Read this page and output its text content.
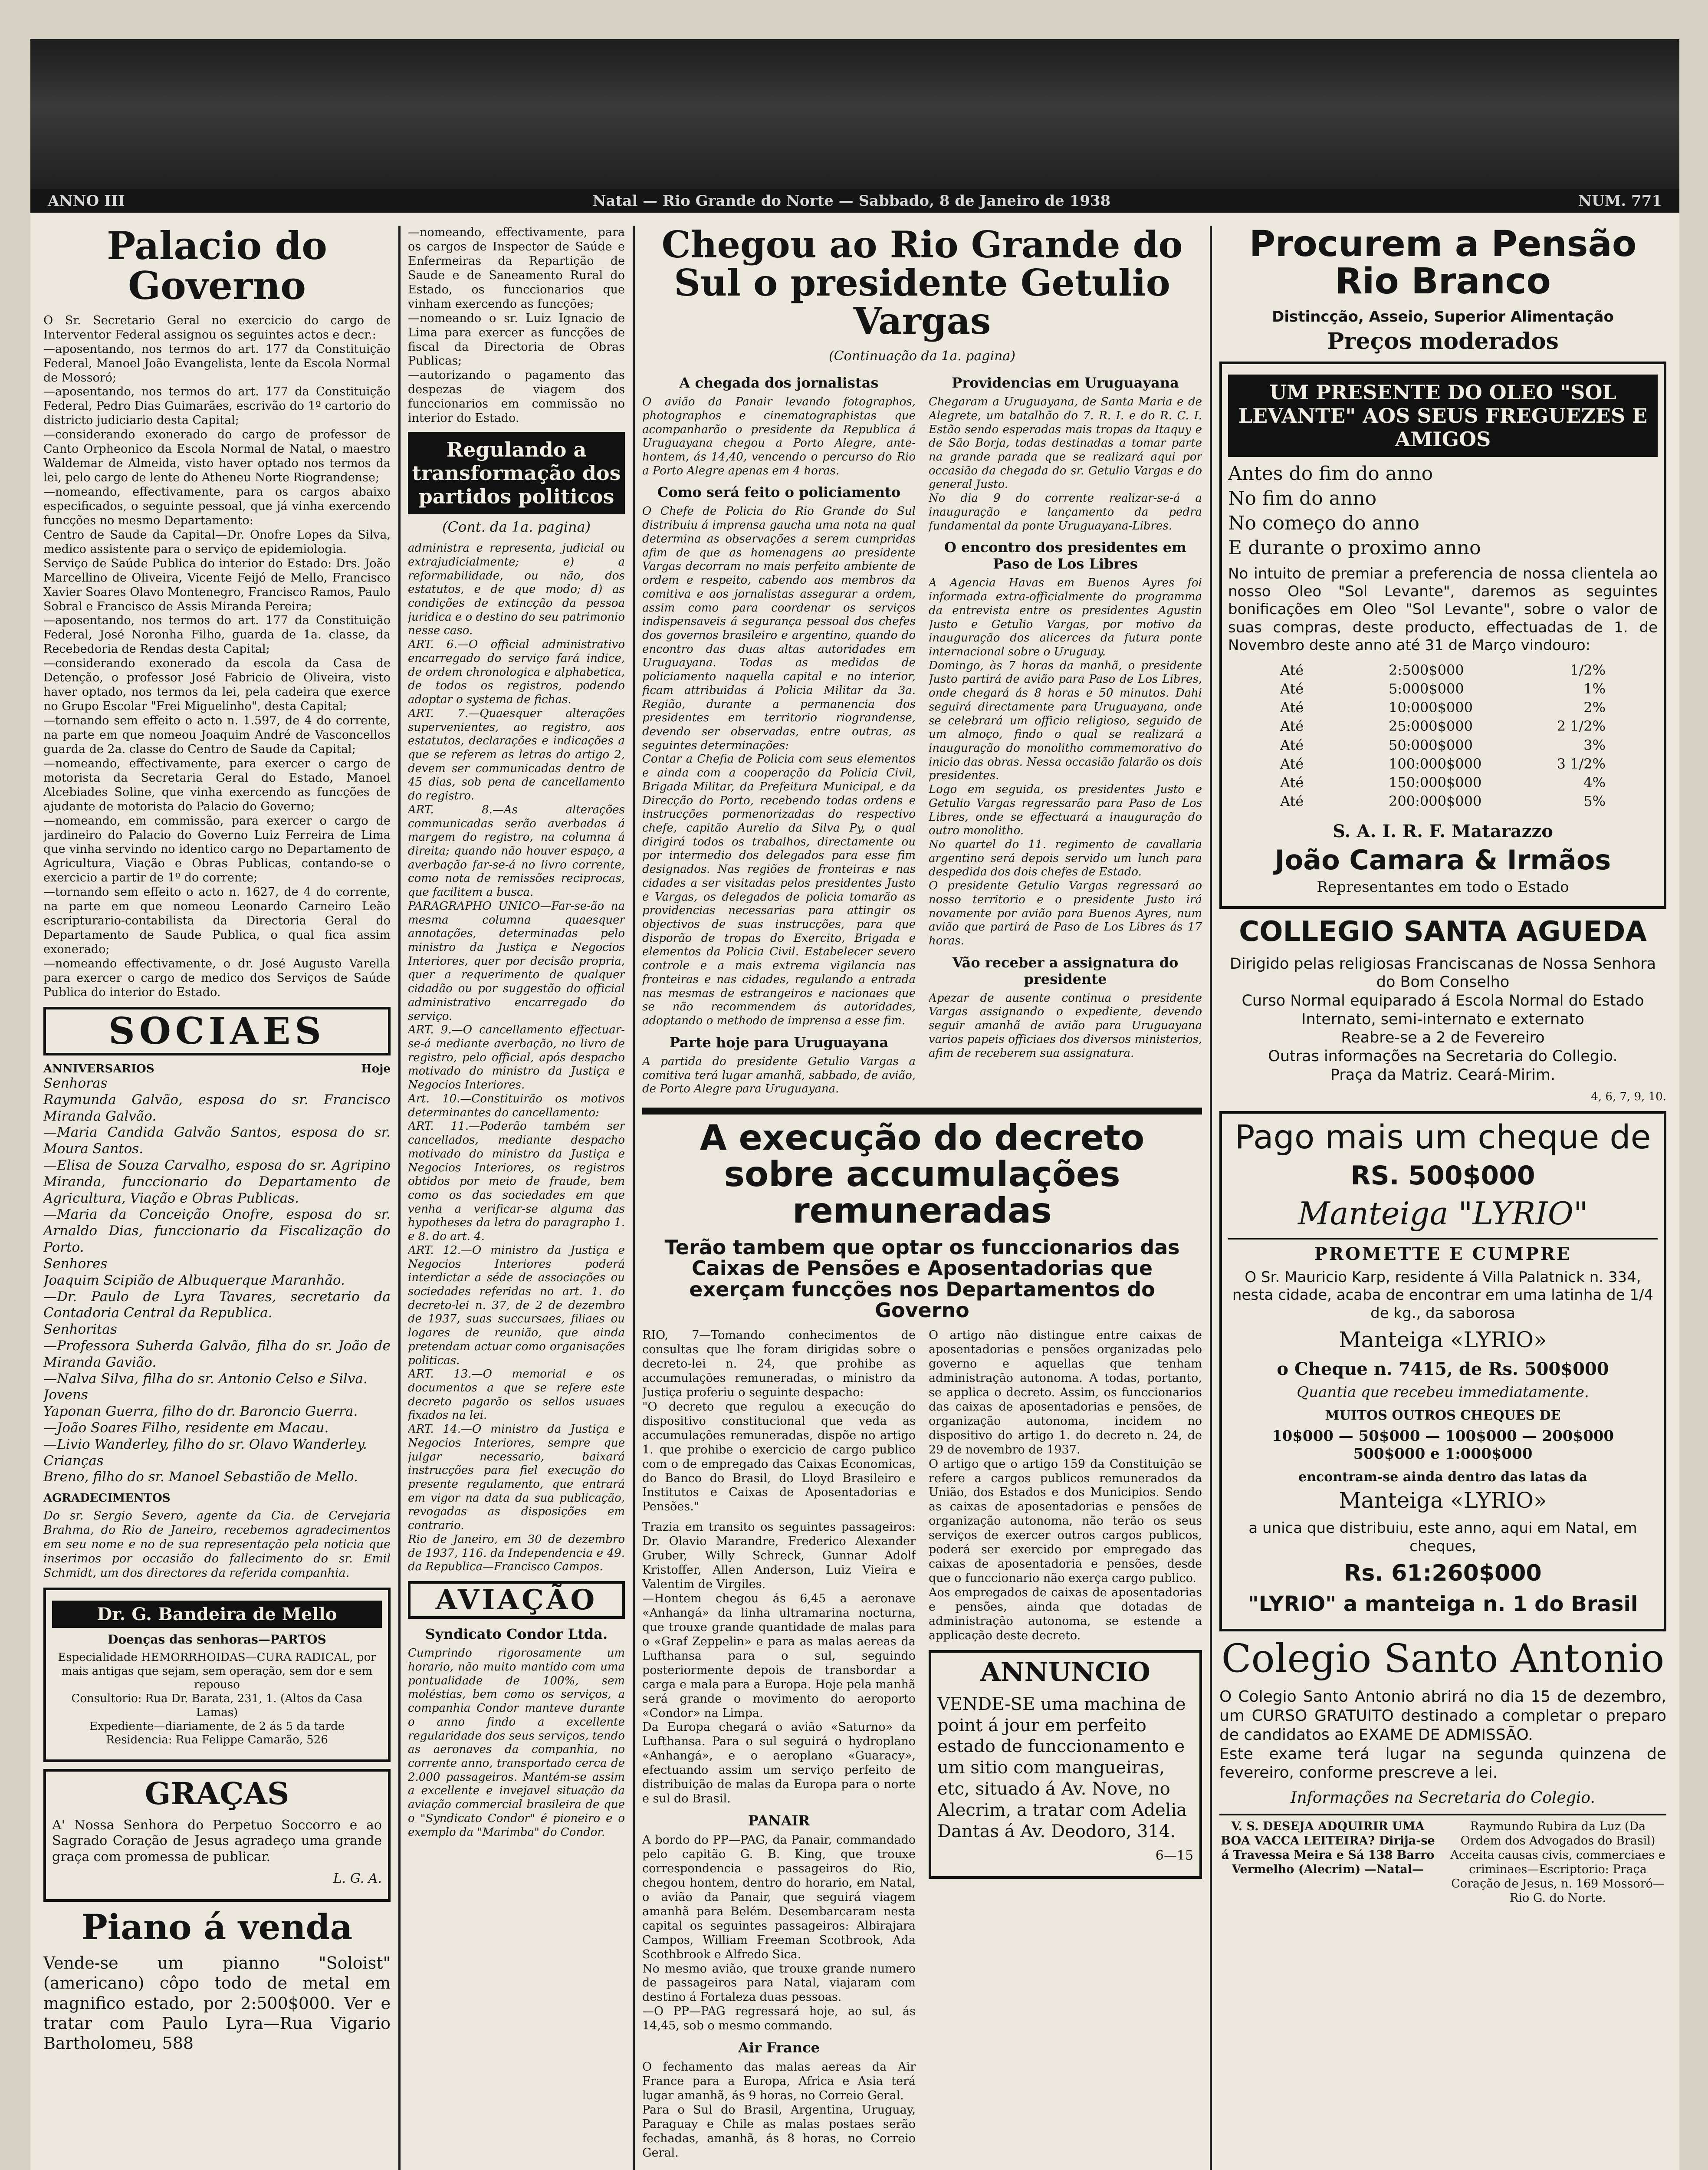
ANNO III	Natal — Rio Grande do Norte — Sabbado, 8 de Janeiro de 1938	NUM. 771
Palacio do Governo
O Sr. Secretario Geral no exercicio do cargo de Interventor Federal assignou os seguintes actos e decr.:
—aposentando, nos termos do art. 177 da Constituição Federal, Manoel João Evangelista, lente da Escola Normal de Mossoró;
—aposentando, nos termos do art. 177 da Constituição Federal, Pedro Dias Guimarães, escrivão do 1º cartorio do districto judiciario desta Capital;
—considerando exonerado do cargo de professor de Canto Orpheonico da Escola Normal de Natal, o maestro Waldemar de Almeida, visto haver optado nos termos da lei, pelo cargo de lente do Atheneu Norte Riograndense;
—nomeando, effectivamente, para os cargos abaixo especificados, o seguinte pessoal, que já vinha exercendo funcções no mesmo Departamento:
Centro de Saude da Capital—Dr. Onofre Lopes da Silva, medico assistente para o serviço de epidemiologia.
Serviço de Saúde Publica do interior do Estado: Drs. João Marcellino de Oliveira, Vicente Feijó de Mello, Francisco Xavier Soares Olavo Montenegro, Francisco Ramos, Paulo Sobral e Francisco de Assis Miranda Pereira;
—aposentando, nos termos do art. 177 da Constituição Federal, José Noronha Filho, guarda de 1a. classe, da Recebedoria de Rendas desta Capital;
—considerando exonerado da escola da Casa de Detenção, o professor José Fabricio de Oliveira, visto haver optado, nos termos da lei, pela cadeira que exerce no Grupo Escolar "Frei Miguelinho", desta Capital;
—tornando sem effeito o acto n. 1.597, de 4 do corrente, na parte em que nomeou Joaquim André de Vasconcellos guarda de 2a. classe do Centro de Saude da Capital;
—nomeando, effectivamente, para exercer o cargo de motorista da Secretaria Geral do Estado, Manoel Alcebiades Soline, que vinha exercendo as funcções de ajudante de motorista do Palacio do Governo;
—nomeando, em commissão, para exercer o cargo de jardineiro do Palacio do Governo Luiz Ferreira de Lima que vinha servindo no identico cargo no Departamento de Agricultura, Viação e Obras Publicas, contando-se o exercicio a partir de 1º do corrente;
—tornando sem effeito o acto n. 1627, de 4 do corrente, na parte em que nomeou Leonardo Carneiro Leão escripturario-contabilista da Directoria Geral do Departamento de Saude Publica, o qual fica assim exonerado;
—nomeando effectivamente, o dr. José Augusto Varella para exercer o cargo de medico dos Serviços de Saúde Publica do interior do Estado.
SOCIAES
ANNIVERSARIOS	Hoje
Senhoras
Raymunda Galvão, esposa do sr. Francisco Miranda Galvão.
—Maria Candida Galvão Santos, esposa do sr. Moura Santos.
—Elisa de Souza Carvalho, esposa do sr. Agripino Miranda, funccionario do Departamento de Agricultura, Viação e Obras Publicas.
—Maria da Conceição Onofre, esposa do sr. Arnaldo Dias, funccionario da Fiscalização do Porto.
Senhores
Joaquim Scipião de Albuquerque Maranhão.
—Dr. Paulo de Lyra Tavares, secretario da Contadoria Central da Republica.
Senhoritas
—Professora Suherda Galvão, filha do sr. João de Miranda Gavião.
—Nalva Silva, filha do sr. Antonio Celso e Silva.
Jovens
Yaponan Guerra, filho do dr. Baroncio Guerra.
—João Soares Filho, residente em Macau.
—Livio Wanderley, filho do sr. Olavo Wanderley.
Crianças
Breno, filho do sr. Manoel Sebastião de Mello.
AGRADECIMENTOS
Do sr. Sergio Severo, agente da Cia. de Cervejaria Brahma, do Rio de Janeiro, recebemos agradecimentos em seu nome e no de sua representação pela noticia que inserimos por occasião do fallecimento do sr. Emil Schmidt, um dos directores da referida companhia.
Dr. G. Bandeira de Mello
Doenças das senhoras—PARTOS
Especialidade HEMORRHOIDAS—CURA RADICAL, por mais antigas que sejam, sem operação, sem dor e sem repouso
Consultorio: Rua Dr. Barata, 231, 1. (Altos da Casa Lamas)
Expediente—diariamente, de 2 ás 5 da tarde
Residencia: Rua Felippe Camarão, 526
GRAÇAS
A' Nossa Senhora do Perpetuo Soccorro e ao Sagrado Coração de Jesus agradeço uma grande graça com promessa de publicar.
L. G. A.
Piano á venda
Vende-se um pianno "Soloist" (americano) côpo todo de metal em magnifico estado, por 2:500$000. Ver e tratar com Paulo Lyra—Rua Vigario Bartholomeu, 588
—nomeando, effectivamente, para os cargos de Inspector de Saúde e Enfermeiras da Repartição de Saude e de Saneamento Rural do Estado, os funccionarios que vinham exercendo as funcções;
—nomeando o sr. Luiz Ignacio de Lima para exercer as funcções de fiscal da Directoria de Obras Publicas;
—autorizando o pagamento das despezas de viagem dos funccionarios em commissão no interior do Estado.
Regulando a transformação dos partidos politicos
(Cont. da 1a. pagina)
administra e representa, judicial ou extrajudicialmente; e) a reformabilidade, ou não, dos estatutos, e de que modo; d) as condições de extincção da pessoa juridica e o destino do seu patrimonio nesse caso.
ART. 6.—O official administrativo encarregado do serviço fará indice, de ordem chronologica e alphabetica, de todos os registros, podendo adoptar o systema de fichas.
ART. 7.—Quaesquer alterações supervenientes, ao registro, aos estatutos, declarações e indicações a que se referem as letras do artigo 2, devem ser communicadas dentro de 45 dias, sob pena de cancellamento do registro.
ART. 8.—As alterações communicadas serão averbadas á margem do registro, na columna á direita; quando não houver espaço, a averbação far-se-á no livro corrente, como nota de remissões reciprocas, que facilitem a busca.
PARAGRAPHO UNICO—Far-se-ão na mesma columna quaesquer annotações, determinadas pelo ministro da Justiça e Negocios Interiores, quer por decisão propria, quer a requerimento de qualquer cidadão ou por suggestão do official administrativo encarregado do serviço.
ART. 9.—O cancellamento effectuar-se-á mediante averbação, no livro de registro, pelo official, após despacho motivado do ministro da Justiça e Negocios Interiores.
Art. 10.—Constituirão os motivos determinantes do cancellamento:
ART. 11.—Poderão também ser cancellados, mediante despacho motivado do ministro da Justiça e Negocios Interiores, os registros obtidos por meio de fraude, bem como os das sociedades em que venha a verificar-se alguma das hypotheses da letra do paragrapho 1. e 8. do art. 4.
ART. 12.—O ministro da Justiça e Negocios Interiores poderá interdictar a séde de associações ou sociedades referidas no art. 1. do decreto-lei n. 37, de 2 de dezembro de 1937, suas succursaes, filiaes ou logares de reunião, que ainda pretendam actuar como organisações politicas.
ART. 13.—O memorial e os documentos a que se refere este decreto pagarão os sellos usuaes fixados na lei.
ART. 14.—O ministro da Justiça e Negocios Interiores, sempre que julgar necessario, baixará instrucções para fiel execução do presente regulamento, que entrará em vigor na data da sua publicação, revogadas as disposições em contrario.
Rio de Janeiro, em 30 de dezembro de 1937, 116. da Independencia e 49. da Republica—Francisco Campos.
AVIAÇÃO
Syndicato Condor Ltda.
Cumprindo rigorosamente um horario, não muito mantido com uma pontualidade de 100%, sem moléstias, bem como os serviços, a companhia Condor manteve durante o anno findo a excellente regularidade dos seus serviços, tendo as aeronaves da companhia, no corrente anno, transportado cerca de 2.000 passageiros. Mantém-se assim a excellente e invejavel situação da aviação commercial brasileira de que o "Syndicato Condor" é pioneiro e o exemplo da "Marimba" do Condor.
Chegou ao Rio Grande do Sul o presidente Getulio Vargas
(Continuação da 1a. pagina)
A chegada dos jornalistas
O avião da Panair levando fotographos, photographos e cinematographistas que acompanharão o presidente da Republica á Uruguayana chegou a Porto Alegre, ante-hontem, ás 14,40, vencendo o percurso do Rio a Porto Alegre apenas em 4 horas.
Como será feito o policiamento
O Chefe de Policia do Rio Grande do Sul distribuiu á imprensa gaucha uma nota na qual determina as observações a serem cumpridas afim de que as homenagens ao presidente Vargas decorram no mais perfeito ambiente de ordem e respeito, cabendo aos membros da comitiva e aos jornalistas assegurar a ordem, assim como para coordenar os serviços indispensaveis á segurança pessoal dos chefes dos governos brasileiro e argentino, quando do encontro das duas altas autoridades em Uruguayana. Todas as medidas de policiamento naquella capital e no interior, ficam attribuidas á Policia Militar da 3a. Região, durante a permanencia dos presidentes em territorio riograndense, devendo ser observadas, entre outras, as seguintes determinações:
Contar a Chefia de Policia com seus elementos e ainda com a cooperação da Policia Civil, Brigada Militar, da Prefeitura Municipal, e da Direcção do Porto, recebendo todas ordens e instrucções pormenorizadas do respectivo chefe, capitão Aurelio da Silva Py, o qual dirigirá todos os trabalhos, directamente ou por intermedio dos delegados para esse fim designados. Nas regiões de fronteiras e nas cidades a ser visitadas pelos presidentes Justo e Vargas, os delegados de policia tomarão as providencias necessarias para attingir os objectivos de suas instrucções, para que disporão de tropas do Exercito, Brigada e elementos da Policia Civil. Estabelecer severo controle e a mais extrema vigilancia nas fronteiras e nas cidades, regulando a entrada nas mesmas de estrangeiros e nacionaes que se não recommendem ás autoridades, adoptando o methodo de imprensa a esse fim.
Parte hoje para Uruguayana
A partida do presidente Getulio Vargas a comitiva terá lugar amanhã, sabbado, de avião, de Porto Alegre para Uruguayana.
Providencias em Uruguayana
Chegaram a Uruguayana, de Santa Maria e de Alegrete, um batalhão do 7. R. I. e do R. C. I. Estão sendo esperadas mais tropas da Itaquy e de São Borja, todas destinadas a tomar parte na grande parada que se realizará aqui por occasião da chegada do sr. Getulio Vargas e do general Justo.
No dia 9 do corrente realizar-se-á a inauguração e lançamento da pedra fundamental da ponte Uruguayana-Libres.
O encontro dos presidentes em Paso de Los Libres
A Agencia Havas em Buenos Ayres foi informada extra-officialmente do programma da entrevista entre os presidentes Agustin Justo e Getulio Vargas, por motivo da inauguração dos alicerces da futura ponte internacional sobre o Uruguay.
Domingo, às 7 horas da manhã, o presidente Justo partirá de avião para Paso de Los Libres, onde chegará ás 8 horas e 50 minutos. Dahi seguirá directamente para Uruguayana, onde se celebrará um officio religioso, seguido de um almoço, findo o qual se realizará a inauguração do monolitho commemorativo do inicio das obras. Nessa occasião falarão os dois presidentes.
Logo em seguida, os presidentes Justo e Getulio Vargas regressarão para Paso de Los Libres, onde se effectuará a inauguração do outro monolitho.
No quartel do 11. regimento de cavallaria argentino será depois servido um lunch para despedida dos dois chefes de Estado.
O presidente Getulio Vargas regressará ao nosso territorio e o presidente Justo irá novamente por avião para Buenos Ayres, num avião que partirá de Paso de Los Libres ás 17 horas.
Vão receber a assignatura do presidente
Apezar de ausente continua o presidente Vargas assignando o expediente, devendo seguir amanhã de avião para Uruguayana varios papeis officiaes dos diversos ministerios, afim de receberem sua assignatura.
A execução do decreto sobre accumulações remuneradas
Terão tambem que optar os funccionarios das Caixas de Pensões e Aposentadorias que exerçam funcções nos Departamentos do Governo
RIO, 7—Tomando conhecimentos de consultas que lhe foram dirigidas sobre o decreto-lei n. 24, que prohibe as accumulações remuneradas, o ministro da Justiça proferiu o seguinte despacho:
"O decreto que regulou a execução do dispositivo constitucional que veda as accumulações remuneradas, dispõe no artigo 1. que prohibe o exercicio de cargo publico com o de empregado das Caixas Economicas, do Banco do Brasil, do Lloyd Brasileiro e Institutos e Caixas de Aposentadorias e Pensões."
Trazia em transito os seguintes passageiros: Dr. Olavio Marandre, Frederico Alexander Gruber, Willy Schreck, Gunnar Adolf Kristoffer, Allen Anderson, Luiz Vieira e Valentim de Virgiles.
—Hontem chegou ás 6,45 a aeronave «Anhangá» da linha ultramarina nocturna, que trouxe grande quantidade de malas para o «Graf Zeppelin» e para as malas aereas da Lufthansa para o sul, seguindo posteriormente depois de transbordar a carga e mala para a Europa. Hoje pela manhã será grande o movimento do aeroporto «Condor» na Limpa.
Da Europa chegará o avião «Saturno» da Lufthansa. Para o sul seguirá o hydroplano «Anhangá», e o aeroplano «Guaracy», efectuando assim um serviço perfeito de distribuição de malas da Europa para o norte e sul do Brasil.
PANAIR
A bordo do PP—PAG, da Panair, commandado pelo capitão G. B. King, que trouxe correspondencia e passageiros do Rio, chegou hontem, dentro do horario, em Natal, o avião da Panair, que seguirá viagem amanhã para Belém. Desembarcaram nesta capital os seguintes passageiros: Albirajara Campos, William Freeman Scotbrook, Ada Scothbrook e Alfredo Sica.
No mesmo avião, que trouxe grande numero de passageiros para Natal, viajaram com destino á Fortaleza duas pessoas.
—O PP—PAG regressará hoje, ao sul, ás 14,45, sob o mesmo commando.
Air France
O fechamento das malas aereas da Air France para a Europa, Africa e Asia terá lugar amanhã, ás 9 horas, no Correio Geral.
Para o Sul do Brasil, Argentina, Uruguay, Paraguay e Chile as malas postaes serão fechadas, amanhã, ás 8 horas, no Correio Geral.
O artigo não distingue entre caixas de aposentadorias e pensões organizadas pelo governo e aquellas que tenham administração autonoma. A todas, portanto, se applica o decreto. Assim, os funccionarios das caixas de aposentadorias e pensões, de organização autonoma, incidem no dispositivo do artigo 1. do decreto n. 24, de 29 de novembro de 1937.
O artigo que o artigo 159 da Constituição se refere a cargos publicos remunerados da União, dos Estados e dos Municipios. Sendo as caixas de aposentadorias e pensões de organização autonoma, não terão os seus serviços de exercer outros cargos publicos, poderá ser exercido por empregado das caixas de aposentadoria e pensões, desde que o funccionario não exerça cargo publico.
Aos empregados de caixas de aposentadorias e pensões, ainda que dotadas de administração autonoma, se estende a applicação deste decreto.
ANNUNCIO
VENDE-SE uma machina de point á jour em perfeito estado de funccionamento e um sitio com mangueiras, etc, situado á Av. Nove, no Alecrim, a tratar com Adelia Dantas á Av. Deodoro, 314.
6—15
Procurem a Pensão Rio Branco
Distincção, Asseio, Superior Alimentação
Preços moderados
UM PRESENTE DO OLEO "SOL LEVANTE" AOS SEUS FREGUEZES E AMIGOS
Antes do fim do anno
No fim do anno
No começo do anno
E durante o proximo anno
No intuito de premiar a preferencia de nossa clientela ao nosso Oleo "Sol Levante", daremos as seguintes bonificações em Oleo "Sol Levante", sobre o valor de suas compras, deste producto, effectuadas de 1. de Novembro deste anno até 31 de Março vindouro:
Até	2:500$000	1/2%
Até	5:000$000	1%
Até	10:000$000	2%
Até	25:000$000	2 1/2%
Até	50:000$000	3%
Até	100:000$000	3 1/2%
Até	150:000$000	4%
Até	200:000$000	5%
S. A. I. R. F. Matarazzo
João Camara & Irmãos
Representantes em todo o Estado
COLLEGIO SANTA AGUEDA
Dirigido pelas religiosas Franciscanas de Nossa Senhora do Bom Conselho
Curso Normal equiparado á Escola Normal do Estado
Internato, semi-internato e externato
Reabre-se a 2 de Fevereiro
Outras informações na Secretaria do Collegio.
Praça da Matriz. Ceará-Mirim.
4, 6, 7, 9, 10.
Pago mais um cheque de
RS. 500$000
Manteiga "LYRIO"
PROMETTE E CUMPRE
O Sr. Mauricio Karp, residente á Villa Palatnick n. 334, nesta cidade, acaba de encontrar em uma latinha de 1/4 de kg., da saborosa
Manteiga «LYRIO»
o Cheque n. 7415, de Rs. 500$000
Quantia que recebeu immediatamente.
MUITOS OUTROS CHEQUES DE
10$000 — 50$000 — 100$000 — 200$000
500$000 e 1:000$000
encontram-se ainda dentro das latas da
Manteiga «LYRIO»
a unica que distribuiu, este anno, aqui em Natal, em cheques,
Rs. 61:260$000
"LYRIO" a manteiga n. 1 do Brasil
Colegio Santo Antonio
O Colegio Santo Antonio abrirá no dia 15 de dezembro, um CURSO GRATUITO destinado a completar o preparo de candidatos ao EXAME DE ADMISSÃO.
Este exame terá lugar na segunda quinzena de fevereiro, conforme prescreve a lei.
Informações na Secretaria do Colegio.
V. S. DESEJA ADQUIRIR UMA BOA VACCA LEITEIRA? Dirija-se á Travessa Meira e Sá 138 Barro Vermelho (Alecrim) —Natal—
Raymundo Rubira da Luz (Da Ordem dos Advogados do Brasil) Acceita causas civis, commerciaes e criminaes—Escriptorio: Praça Coração de Jesus, n. 169 Mossoró—Rio G. do Norte.
